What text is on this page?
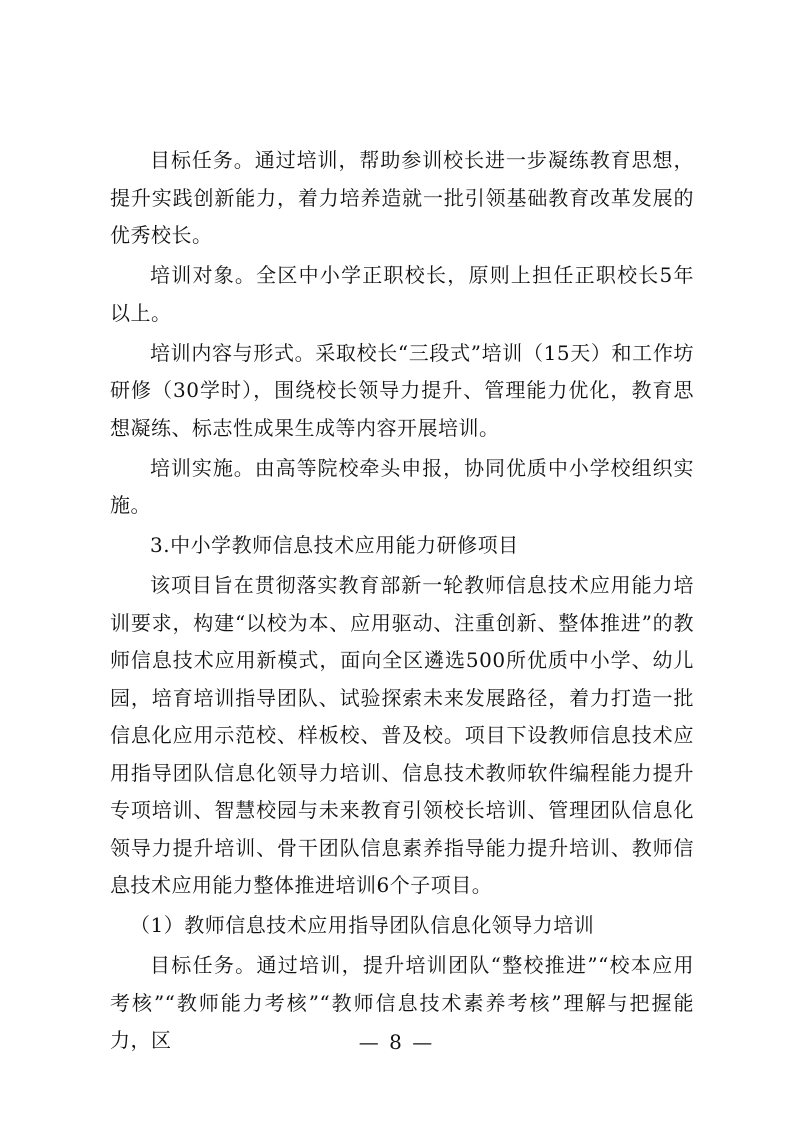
目标任务。通过培训，帮助参训校长进一步凝练教育思想，提升实践创新能力，着力培养造就一批引领基础教育改革发展的优秀校长。

培训对象。全区中小学正职校长，原则上担任正职校长5年以上。

培训内容与形式。采取校长“三段式”培训（15天）和工作坊研修（30学时），围绕校长领导力提升、管理能力优化，教育思想凝练、标志性成果生成等内容开展培训。

培训实施。由高等院校牵头申报，协同优质中小学校组织实施。

3.中小学教师信息技术应用能力研修项目

该项目旨在贯彻落实教育部新一轮教师信息技术应用能力培训要求，构建“以校为本、应用驱动、注重创新、整体推进”的教师信息技术应用新模式，面向全区遴选500所优质中小学、幼儿园，培育培训指导团队、试验探索未来发展路径，着力打造一批信息化应用示范校、样板校、普及校。项目下设教师信息技术应用指导团队信息化领导力培训、信息技术教师软件编程能力提升专项培训、智慧校园与未来教育引领校长培训、管理团队信息化领导力提升培训、骨干团队信息素养指导能力提升培训、教师信息技术应用能力整体推进培训6个子项目。

（1）教师信息技术应用指导团队信息化领导力培训

目标任务。通过培训，提升培训团队“整校推进”“校本应用考核”“教师能力考核”“教师信息技术素养考核”理解与把握能力，区	— 8 —
